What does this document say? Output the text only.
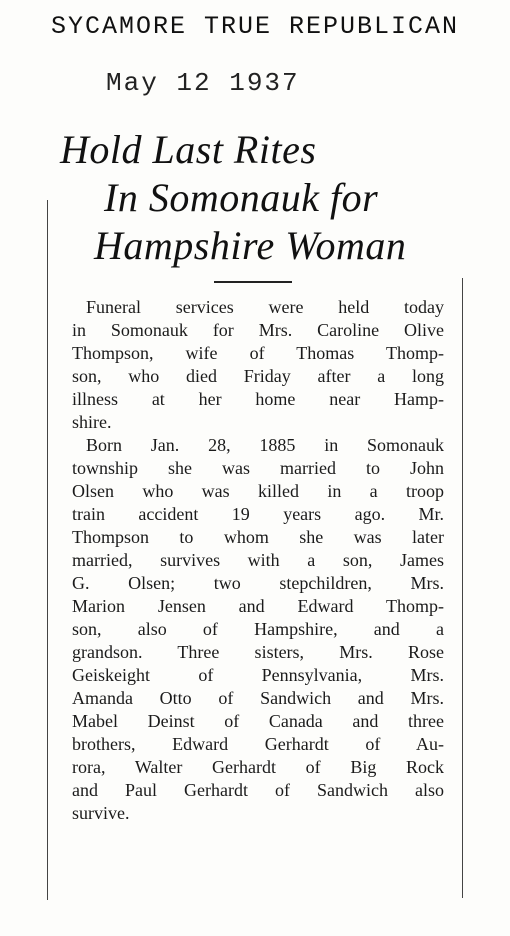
SYCAMORE TRUE REPUBLICAN
May 12 1937
Hold Last Rites
In Somonauk for
Hampshire Woman
Funeral services were held today
in Somonauk for Mrs. Caroline Olive
Thompson, wife of Thomas Thomp-
son, who died Friday after a long
illness at her home near Hamp-
shire.
Born Jan. 28, 1885 in Somonauk
township she was married to John
Olsen who was killed in a troop
train accident 19 years ago. Mr.
Thompson to whom she was later
married, survives with a son, James
G. Olsen; two stepchildren, Mrs.
Marion Jensen and Edward Thomp-
son, also of Hampshire, and a
grandson. Three sisters, Mrs. Rose
Geiskeight of Pennsylvania, Mrs.
Amanda Otto of Sandwich and Mrs.
Mabel Deinst of Canada and three
brothers, Edward Gerhardt of Au-
rora, Walter Gerhardt of Big Rock
and Paul Gerhardt of Sandwich also
survive.
